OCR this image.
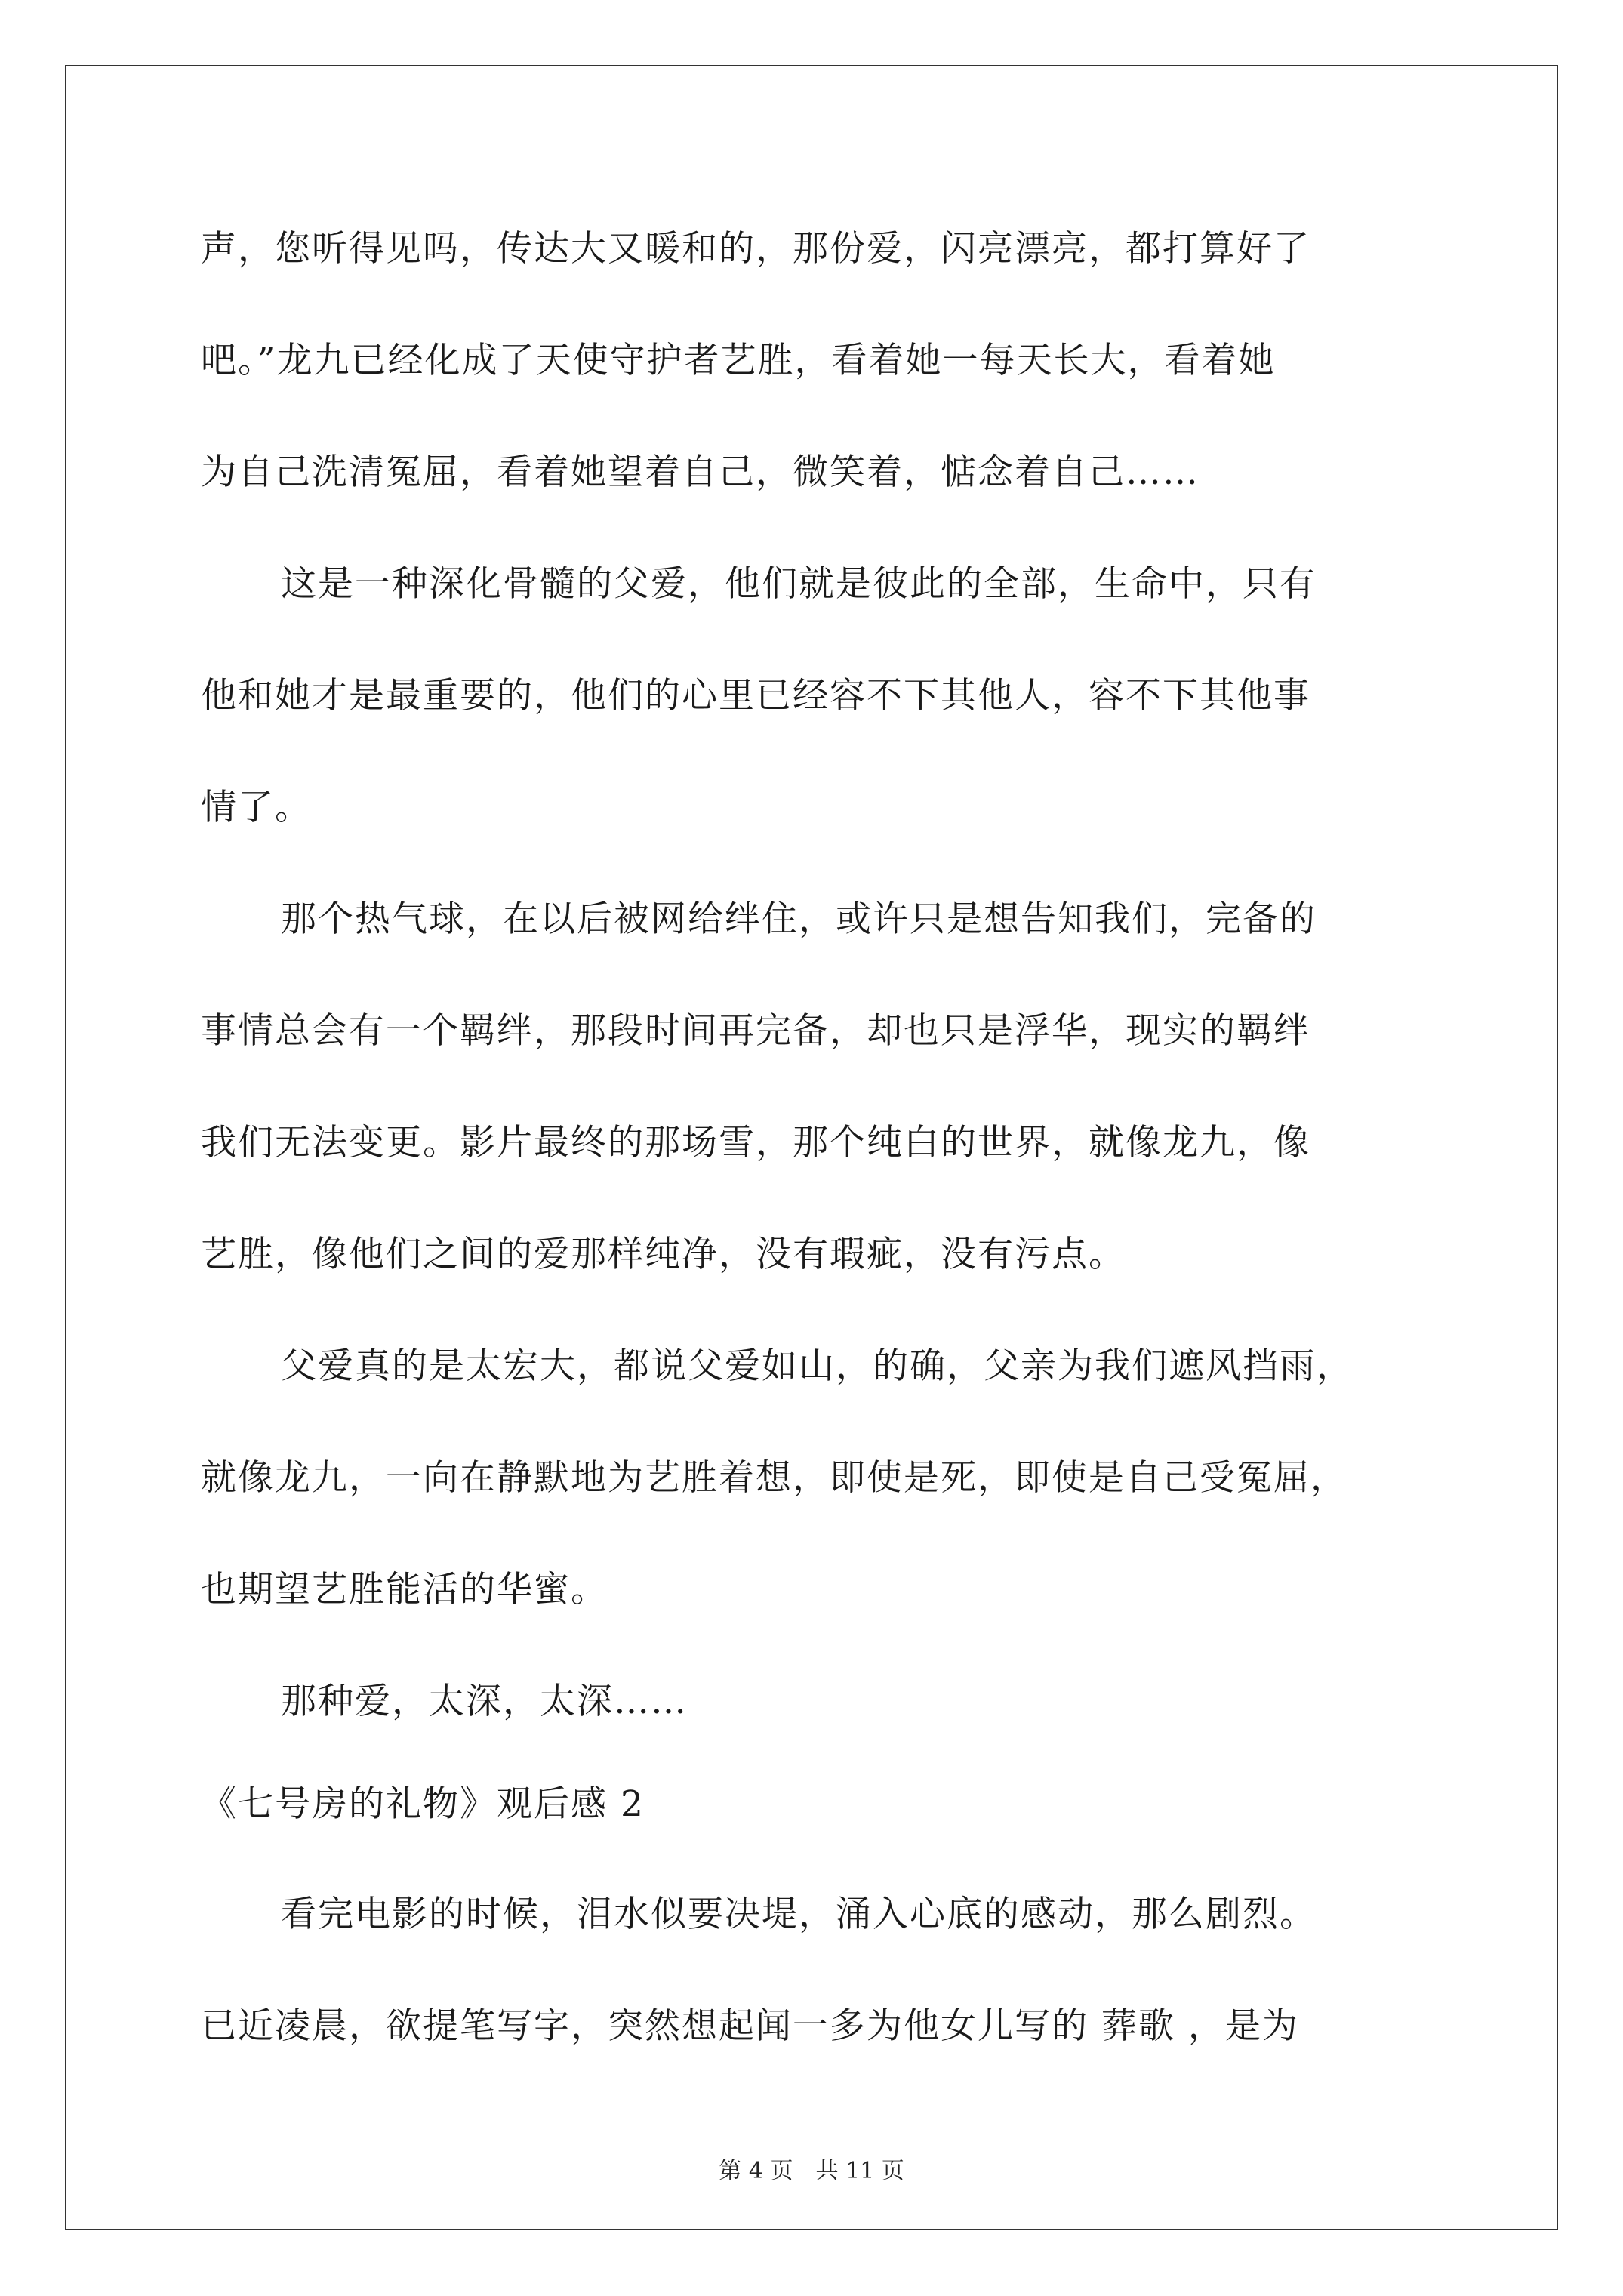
声，您听得见吗，传达大又暖和的，那份爱，闪亮漂亮，都打算好了
吧。”龙九已经化成了天使守护者艺胜，看着她一每天长大，看着她
为自己洗清冤屈，看着她望着自己，微笑着，惦念着自己……
这是一种深化骨髓的父爱，他们就是彼此的全部，生命中，只有
他和她才是最重要的，他们的心里已经容不下其他人，容不下其他事
情了。
那个热气球，在以后被网给绊住，或许只是想告知我们，完备的
事情总会有一个羁绊，那段时间再完备，却也只是浮华，现实的羁绊
我们无法变更。影片最终的那场雪，那个纯白的世界，就像龙九，像
艺胜，像他们之间的爱那样纯净，没有瑕疵，没有污点。
父爱真的是太宏大，都说父爱如山，的确，父亲为我们遮风挡雨，
就像龙九，一向在静默地为艺胜着想，即使是死，即使是自己受冤屈，
也期望艺胜能活的华蜜。
那种爱，太深，太深……
《七号房的礼物》观后感 2
看完电影的时候，泪水似要决堤，涌入心底的感动，那么剧烈。
已近凌晨，欲提笔写字，突然想起闻一多为他女儿写的 葬歌 ，是为
第 4 页 共 11 页
